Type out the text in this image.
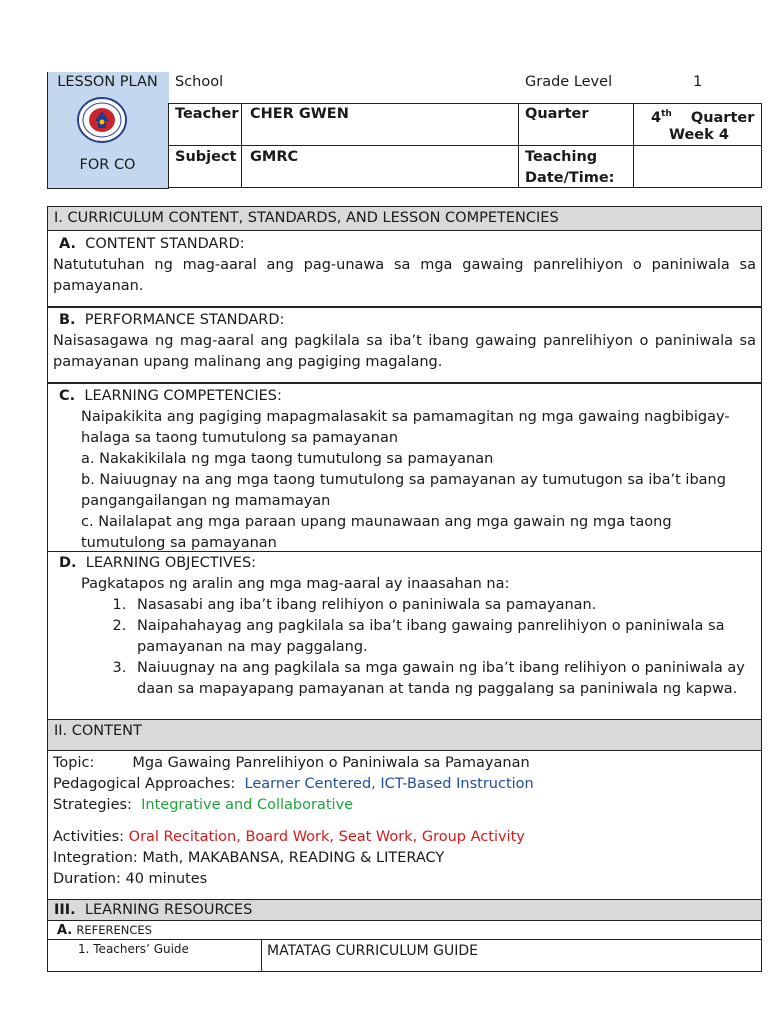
LESSON PLAN
FOR CO
School	Grade Level	1
Teacher CHER GWEN	Quarter	4th Quarter
Week 4
Subject GMRC	Teaching
Date/Time:
I. CURRICULUM CONTENT, STANDARDS, AND LESSON COMPETENCIES
A. CONTENT STANDARD:
Natututuhan ng mag-aaral ang pag-unawa sa mga gawaing panrelihiyon o paniniwala sa pamayanan.
B. PERFORMANCE STANDARD:
Naisasagawa ng mag-aaral ang pagkilala sa iba’t ibang gawaing panrelihiyon o paniniwala sa pamayanan upang malinang ang pagiging magalang.
C. LEARNING COMPETENCIES:
Naipakikita ang pagiging mapagmalasakit sa pamamagitan ng mga gawaing nagbibigay-halaga sa taong tumutulong sa pamayanan
a. Nakakikilala ng mga taong tumutulong sa pamayanan
b. Naiuugnay na ang mga taong tumutulong sa pamayanan ay tumutugon sa iba’t ibang pangangailangan ng mamamayan
c. Nailalapat ang mga paraan upang maunawaan ang mga gawain ng mga taong tumutulong sa pamayanan
D. LEARNING OBJECTIVES:
Pagkatapos ng aralin ang mga mag-aaral ay inaasahan na:
1. Nasasabi ang iba’t ibang relihiyon o paniniwala sa pamayanan.
2. Naipahahayag ang pagkilala sa iba’t ibang gawaing panrelihiyon o paniniwala sa pamayanan na may paggalang.
3. Naiuugnay na ang pagkilala sa mga gawain ng iba’t ibang relihiyon o paniniwala ay daan sa mapayapang pamayanan at tanda ng paggalang sa paniniwala ng kapwa.
II. CONTENT
Topic:	Mga Gawaing Panrelihiyon o Paniniwala sa Pamayanan
Pedagogical Approaches: Learner Centered, ICT-Based Instruction
Strategies: Integrative and Collaborative
Activities: Oral Recitation, Board Work, Seat Work, Group Activity
Integration: Math, MAKABANSA, READING & LITERACY
Duration: 40 minutes
III. LEARNING RESOURCES
A. REFERENCES
1. Teachers’ Guide	MATATAG CURRICULUM GUIDE
